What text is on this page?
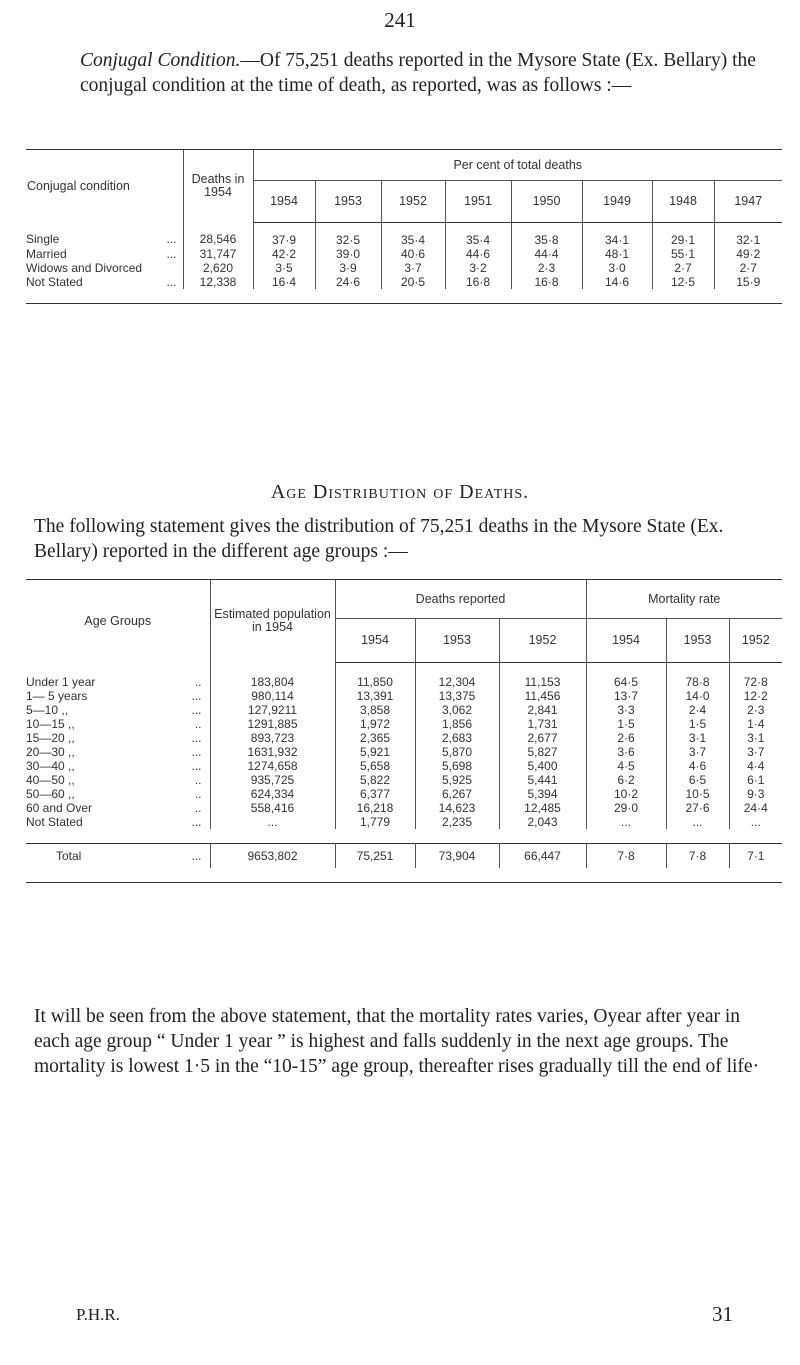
241
Conjugal Condition.—Of 75,251 deaths reported in the Mysore State (Ex. Bellary) the conjugal condition at the time of death, as reported, was as follows :—
Conjugal condition	Deaths in 1954	Per cent of total deaths							
		1954	1953	1952	1951	1950	1949	1948	1947
Single ...	28,546	37·9	32·5	35·4	35·4	35·8	34·1	29·1	32·1
Married ...	31,747	42·2	39·0	40·6	44·6	44·4	48·1	55·1	49·2
Widows and Divorced	2,620	3·5	3·9	3·7	3·2	2·3	3·0	2·7	2·7
Not Stated ...	12,338	16·4	24·6	20·5	16·8	16·8	14·6	12·5	15·9

Age Distribution of Deaths.
The following statement gives the distribution of 75,251 deaths in the Mysore State (Ex. Bellary) reported in the different age groups :—
Age Groups	Estimated population in 1954	Deaths reported			Mortality rate		
		1954	1953	1952	1954	1953	1952
Under 1 year ..	183,804	11,850	12,304	11,153	64·5	78·8	72·8
1— 5 years ...	980,114	13,391	13,375	11,456	13·7	14·0	12·2
5—10 ,, ...	127,9211	3,858	3,062	2,841	3·3	2·4	2·3
10—15 ,, ..	1291,885	1,972	1,856	1,731	1·5	1·5	1·4
15—20 ,, ...	893,723	2,365	2,683	2,677	2·6	3·1	3·1
20—30 ,, ...	1631,932	5,921	5,870	5,827	3·6	3·7	3·7
30—40 ,, ...	1274,658	5,658	5,698	5,400	4·5	4·6	4·4
40—50 ,, ..	935,725	5,822	5,925	5,441	6·2	6·5	6·1
50—60 ,, ..	624,334	6,377	6,267	5,394	10·2	10·5	9·3
60 and Over ..	558,416	16,218	14,623	12,485	29·0	27·6	24·4
Not Stated ...	...	1,779	2,235	2,043	...	...	...

Total ...	9653,802	75,251	73,904	66,447	7·8	7·8	7·1

It will be seen from the above statement, that the mortality rates varies, Oyear after year in each age group “ Under 1 year ” is highest and falls suddenly in the next age groups. The mortality is lowest 1·5 in the “10-15” age group, thereafter rises gradually till the end of life·
P.H.R.	31
